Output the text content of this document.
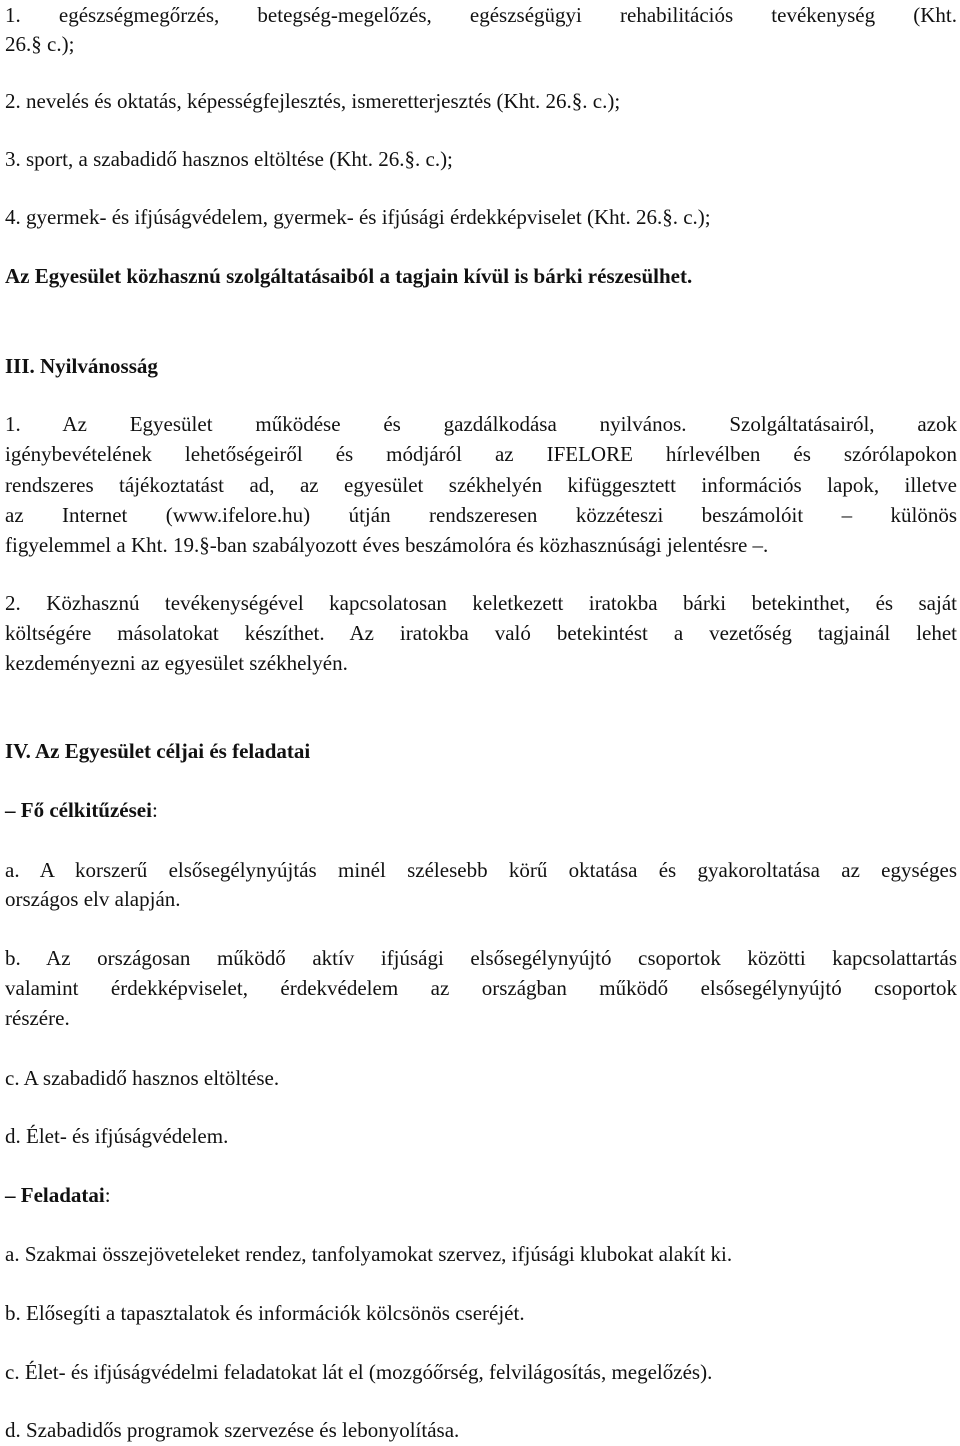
1. egészségmegőrzés, betegség-megelőzés, egészségügyi rehabilitációs tevékenység (Kht.
26.§ c.);
2. nevelés és oktatás, képességfejlesztés, ismeretterjesztés (Kht. 26.§. c.);
3. sport, a szabadidő hasznos eltöltése (Kht. 26.§. c.);
4. gyermek- és ifjúságvédelem, gyermek- és ifjúsági érdekképviselet (Kht. 26.§. c.);
Az Egyesület közhasznú szolgáltatásaiból a tagjain kívül is bárki részesülhet.
III. Nyilvánosság
1. Az Egyesület működése és gazdálkodása nyilvános. Szolgáltatásairól, azok
igénybevételének lehetőségeiről és módjáról az IFELORE hírlevélben és szórólapokon
rendszeres tájékoztatást ad, az egyesület székhelyén kifüggesztett információs lapok, illetve
az Internet (www.ifelore.hu) útján rendszeresen közzéteszi beszámolóit – különös
figyelemmel a Kht. 19.§-ban szabályozott éves beszámolóra és közhasznúsági jelentésre –.
2. Közhasznú tevékenységével kapcsolatosan keletkezett iratokba bárki betekinthet, és saját
költségére másolatokat készíthet. Az iratokba való betekintést a vezetőség tagjainál lehet
kezdeményezni az egyesület székhelyén.
IV. Az Egyesület céljai és feladatai
– Fő célkitűzései:
a. A korszerű elsősegélynyújtás minél szélesebb körű oktatása és gyakoroltatása az egységes
országos elv alapján.
b. Az országosan működő aktív ifjúsági elsősegélynyújtó csoportok közötti kapcsolattartás
valamint érdekképviselet, érdekvédelem az országban működő elsősegélynyújtó csoportok
részére.
c. A szabadidő hasznos eltöltése.
d. Élet- és ifjúságvédelem.
– Feladatai:
a. Szakmai összejöveteleket rendez, tanfolyamokat szervez, ifjúsági klubokat alakít ki.
b. Elősegíti a tapasztalatok és információk kölcsönös cseréjét.
c. Élet- és ifjúságvédelmi feladatokat lát el (mozgóőrség, felvilágosítás, megelőzés).
d. Szabadidős programok szervezése és lebonyolítása.
